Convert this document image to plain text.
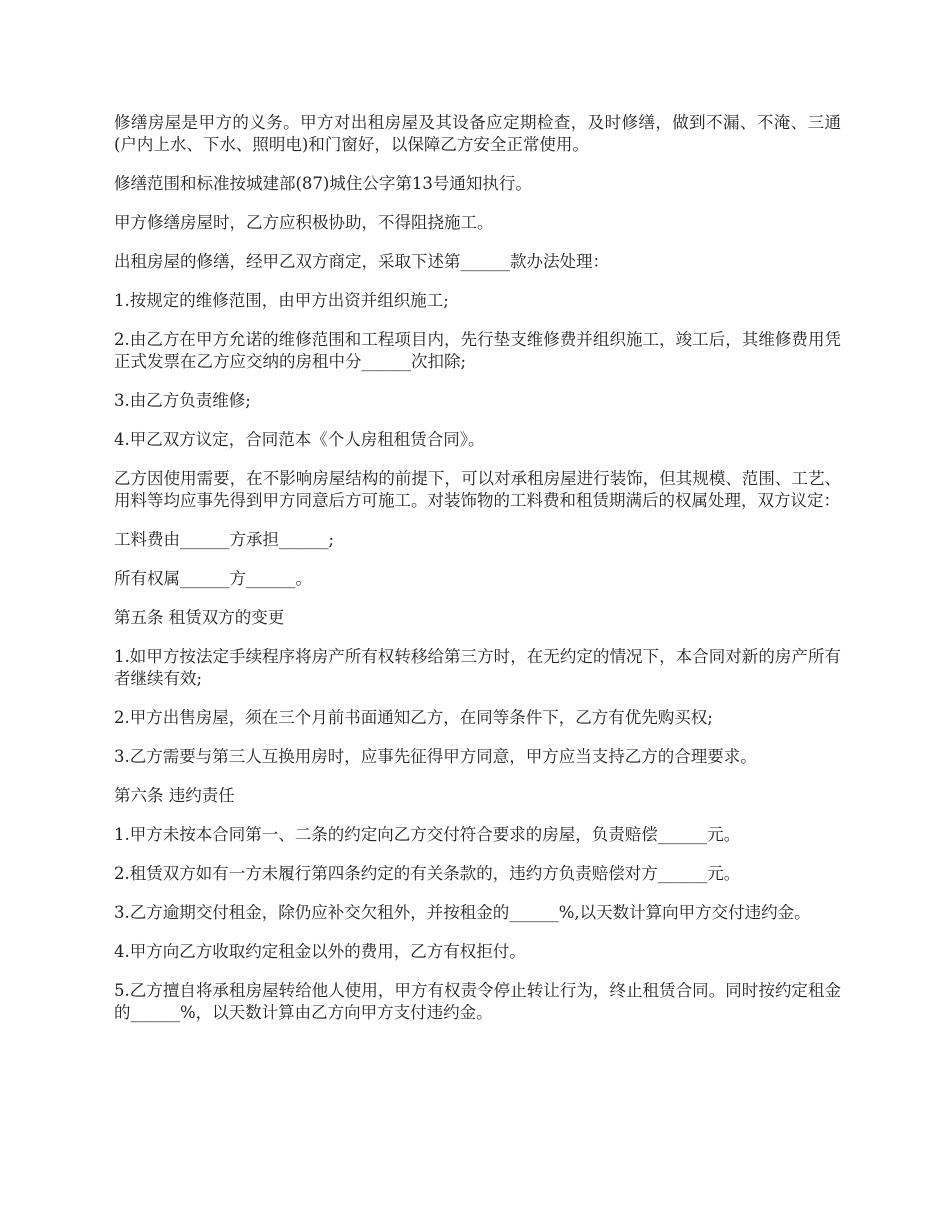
修缮房屋是甲方的义务。甲方对出租房屋及其设备应定期检查，及时修缮，做到不漏、不淹、三通(户内上水、下水、照明电)和门窗好，以保障乙方安全正常使用。

修缮范围和标准按城建部(87)城住公字第13号通知执行。

甲方修缮房屋时，乙方应积极协助，不得阻挠施工。

出租房屋的修缮，经甲乙双方商定，采取下述第______款办法处理：

1.按规定的维修范围，由甲方出资并组织施工;

2.由乙方在甲方允诺的维修范围和工程项目内，先行垫支维修费并组织施工，竣工后，其维修费用凭正式发票在乙方应交纳的房租中分______次扣除;

3.由乙方负责维修;

4.甲乙双方议定，合同范本《个人房租租赁合同》。

乙方因使用需要，在不影响房屋结构的前提下，可以对承租房屋进行装饰，但其规模、范围、工艺、用料等均应事先得到甲方同意后方可施工。对装饰物的工料费和租赁期满后的权属处理，双方议定：

工料费由______方承担______;

所有权属______方______。

第五条 租赁双方的变更

1.如甲方按法定手续程序将房产所有权转移给第三方时，在无约定的情况下，本合同对新的房产所有者继续有效;

2.甲方出售房屋，须在三个月前书面通知乙方，在同等条件下，乙方有优先购买权;

3.乙方需要与第三人互换用房时，应事先征得甲方同意，甲方应当支持乙方的合理要求。

第六条 违约责任

1.甲方未按本合同第一、二条的约定向乙方交付符合要求的房屋，负责赔偿______元。

2.租赁双方如有一方未履行第四条约定的有关条款的，违约方负责赔偿对方______元。

3.乙方逾期交付租金，除仍应补交欠租外，并按租金的______%,以天数计算向甲方交付违约金。

4.甲方向乙方收取约定租金以外的费用，乙方有权拒付。

5.乙方擅自将承租房屋转给他人使用，甲方有权责令停止转让行为，终止租赁合同。同时按约定租金的______%，以天数计算由乙方向甲方支付违约金。
